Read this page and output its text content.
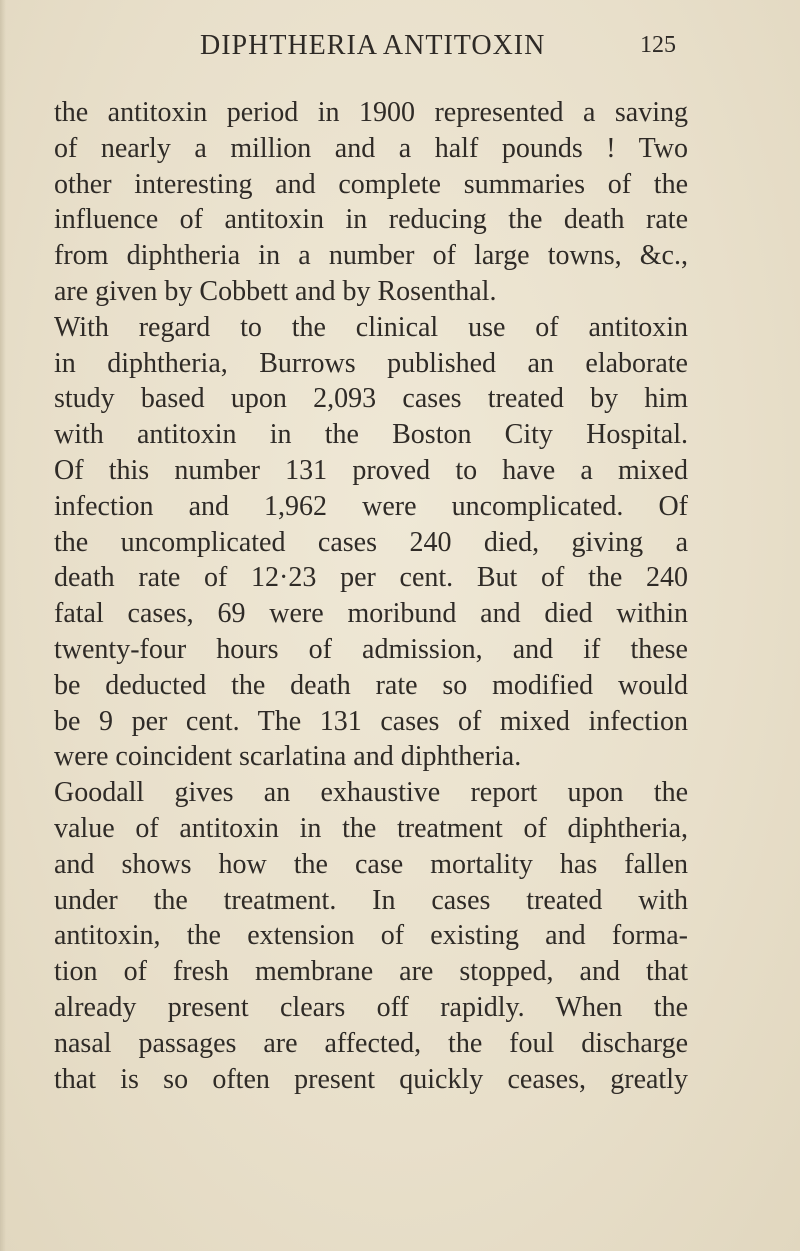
DIPHTHERIA ANTITOXIN	125
the antitoxin period in 1900 represented a saving
of nearly a million and a half pounds ! Two
other interesting and complete summaries of the
influence of antitoxin in reducing the death rate
from diphtheria in a number of large towns, &c.,
are given by Cobbett and by Rosenthal.
With regard to the clinical use of antitoxin
in diphtheria, Burrows published an elaborate
study based upon 2,093 cases treated by him
with antitoxin in the Boston City Hospital.
Of this number 131 proved to have a mixed
infection and 1,962 were uncomplicated. Of
the uncomplicated cases 240 died, giving a
death rate of 12·23 per cent. But of the 240
fatal cases, 69 were moribund and died within
twenty-four hours of admission, and if these
be deducted the death rate so modified would
be 9 per cent. The 131 cases of mixed infection
were coincident scarlatina and diphtheria.
Goodall gives an exhaustive report upon the
value of antitoxin in the treatment of diphtheria,
and shows how the case mortality has fallen
under the treatment. In cases treated with
antitoxin, the extension of existing and forma-
tion of fresh membrane are stopped, and that
already present clears off rapidly. When the
nasal passages are affected, the foul discharge
that is so often present quickly ceases, greatly
